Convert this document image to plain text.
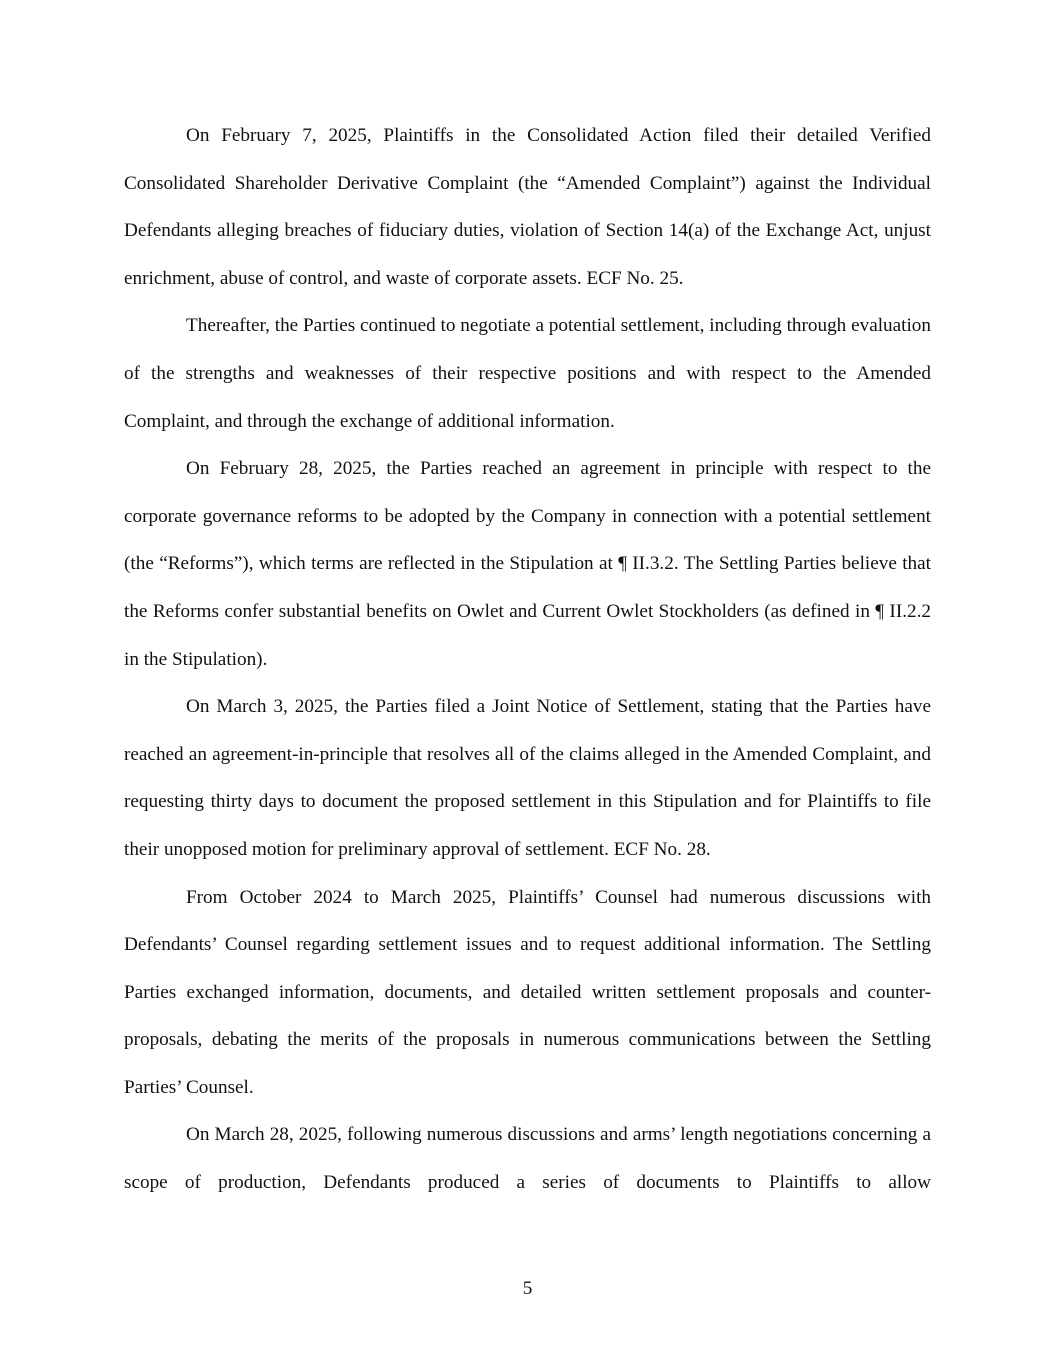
On February 7, 2025, Plaintiffs in the Consolidated Action filed their detailed Verified Consolidated Shareholder Derivative Complaint (the “Amended Complaint”) against the Individual Defendants alleging breaches of fiduciary duties, violation of Section 14(a) of the Exchange Act, unjust enrichment, abuse of control, and waste of corporate assets. ECF No. 25.

Thereafter, the Parties continued to negotiate a potential settlement, including through evaluation of the strengths and weaknesses of their respective positions and with respect to the Amended Complaint, and through the exchange of additional information.

On February 28, 2025, the Parties reached an agreement in principle with respect to the corporate governance reforms to be adopted by the Company in connection with a potential settlement (the “Reforms”), which terms are reflected in the Stipulation at ¶ II.3.2. The Settling Parties believe that the Reforms confer substantial benefits on Owlet and Current Owlet Stockholders (as defined in ¶ II.2.2 in the Stipulation).

On March 3, 2025, the Parties filed a Joint Notice of Settlement, stating that the Parties have reached an agreement-in-principle that resolves all of the claims alleged in the Amended Complaint, and requesting thirty days to document the proposed settlement in this Stipulation and for Plaintiffs to file their unopposed motion for preliminary approval of settlement. ECF No. 28.

From October 2024 to March 2025, Plaintiffs’ Counsel had numerous discussions with Defendants’ Counsel regarding settlement issues and to request additional information. The Settling Parties exchanged information, documents, and detailed written settlement proposals and counter-proposals, debating the merits of the proposals in numerous communications between the Settling Parties’ Counsel.

On March 28, 2025, following numerous discussions and arms’ length negotiations concerning a scope of production, Defendants produced a series of documents to Plaintiffs to allow

5
